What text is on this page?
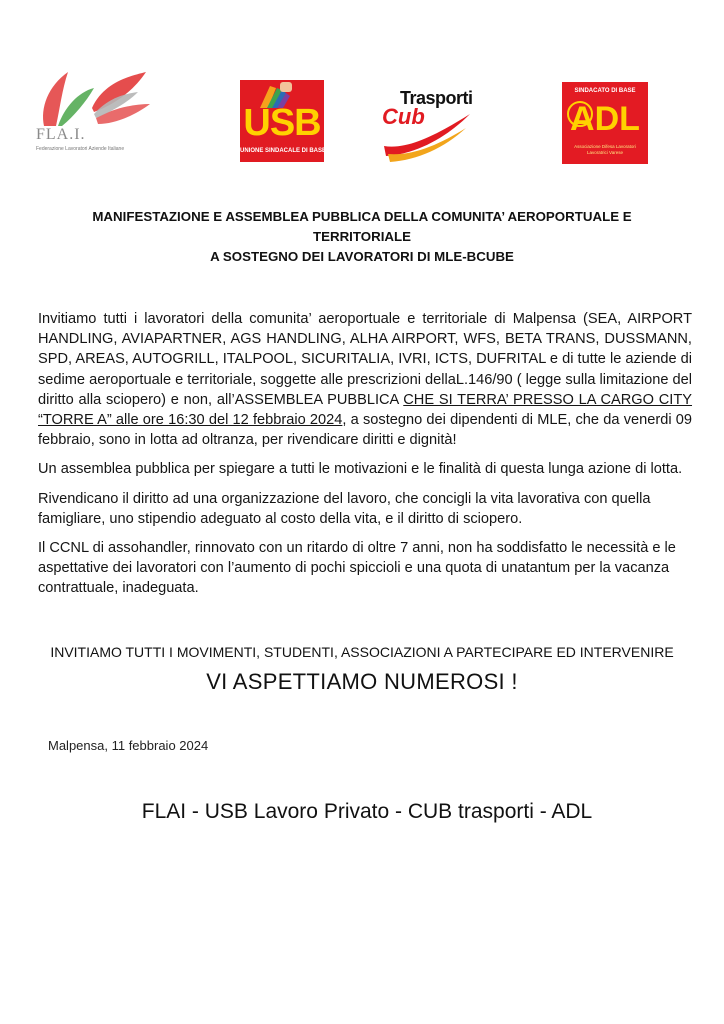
FLA.I.
Federazione Lavoratori Aziende Italiane
USB
UNIONE SINDACALE DI BASE
Trasporti
Cub
SINDACATO DI BASE
ADL
Associazione Difesa Lavoratori Lavoratrici Varese
MANIFESTAZIONE E ASSEMBLEA PUBBLICA DELLA COMUNITA’ AEROPORTUALE E
TERRITORIALE
A SOSTEGNO DEI LAVORATORI DI MLE-BCUBE

Invitiamo tutti i lavoratori della comunita’ aeroportuale e territoriale di Malpensa (SEA, AIRPORT HANDLING, AVIAPARTNER, AGS HANDLING, ALHA AIRPORT, WFS, BETA TRANS, DUSSMANN, SPD, AREAS, AUTOGRILL, ITALPOOL, SICURITALIA, IVRI, ICTS, DUFRITAL e di tutte le aziende di sedime aeroportuale e territoriale, soggette alle prescrizioni dellaL.146/90 ( legge sulla limitazione del diritto alla sciopero) e non, all’ASSEMBLEA PUBBLICA CHE SI TERRA’ PRESSO LA CARGO CITY “TORRE A” alle ore 16:30 del 12 febbraio 2024, a sostegno dei dipendenti di MLE, che da venerdi 09 febbraio, sono in lotta ad oltranza, per rivendicare diritti e dignità!

Un assemblea pubblica per spiegare a tutti le motivazioni e le finalità di questa lunga azione di lotta.

Rivendicano il diritto ad una organizzazione del lavoro, che concigli la vita lavorativa con quella famigliare, uno stipendio adeguato al costo della vita, e il diritto di sciopero.

Il CCNL di assohandler, rinnovato con un ritardo di oltre 7 anni, non ha soddisfatto le necessità e le aspettative dei lavoratori con l’aumento di pochi spiccioli e una quota di unatantum per la vacanza contrattuale, inadeguata.

INVITIAMO TUTTI I MOVIMENTI, STUDENTI, ASSOCIAZIONI A PARTECIPARE ED INTERVENIRE
VI ASPETTIAMO NUMEROSI !
Malpensa, 11 febbraio 2024
FLAI - USB Lavoro Privato - CUB trasporti - ADL
